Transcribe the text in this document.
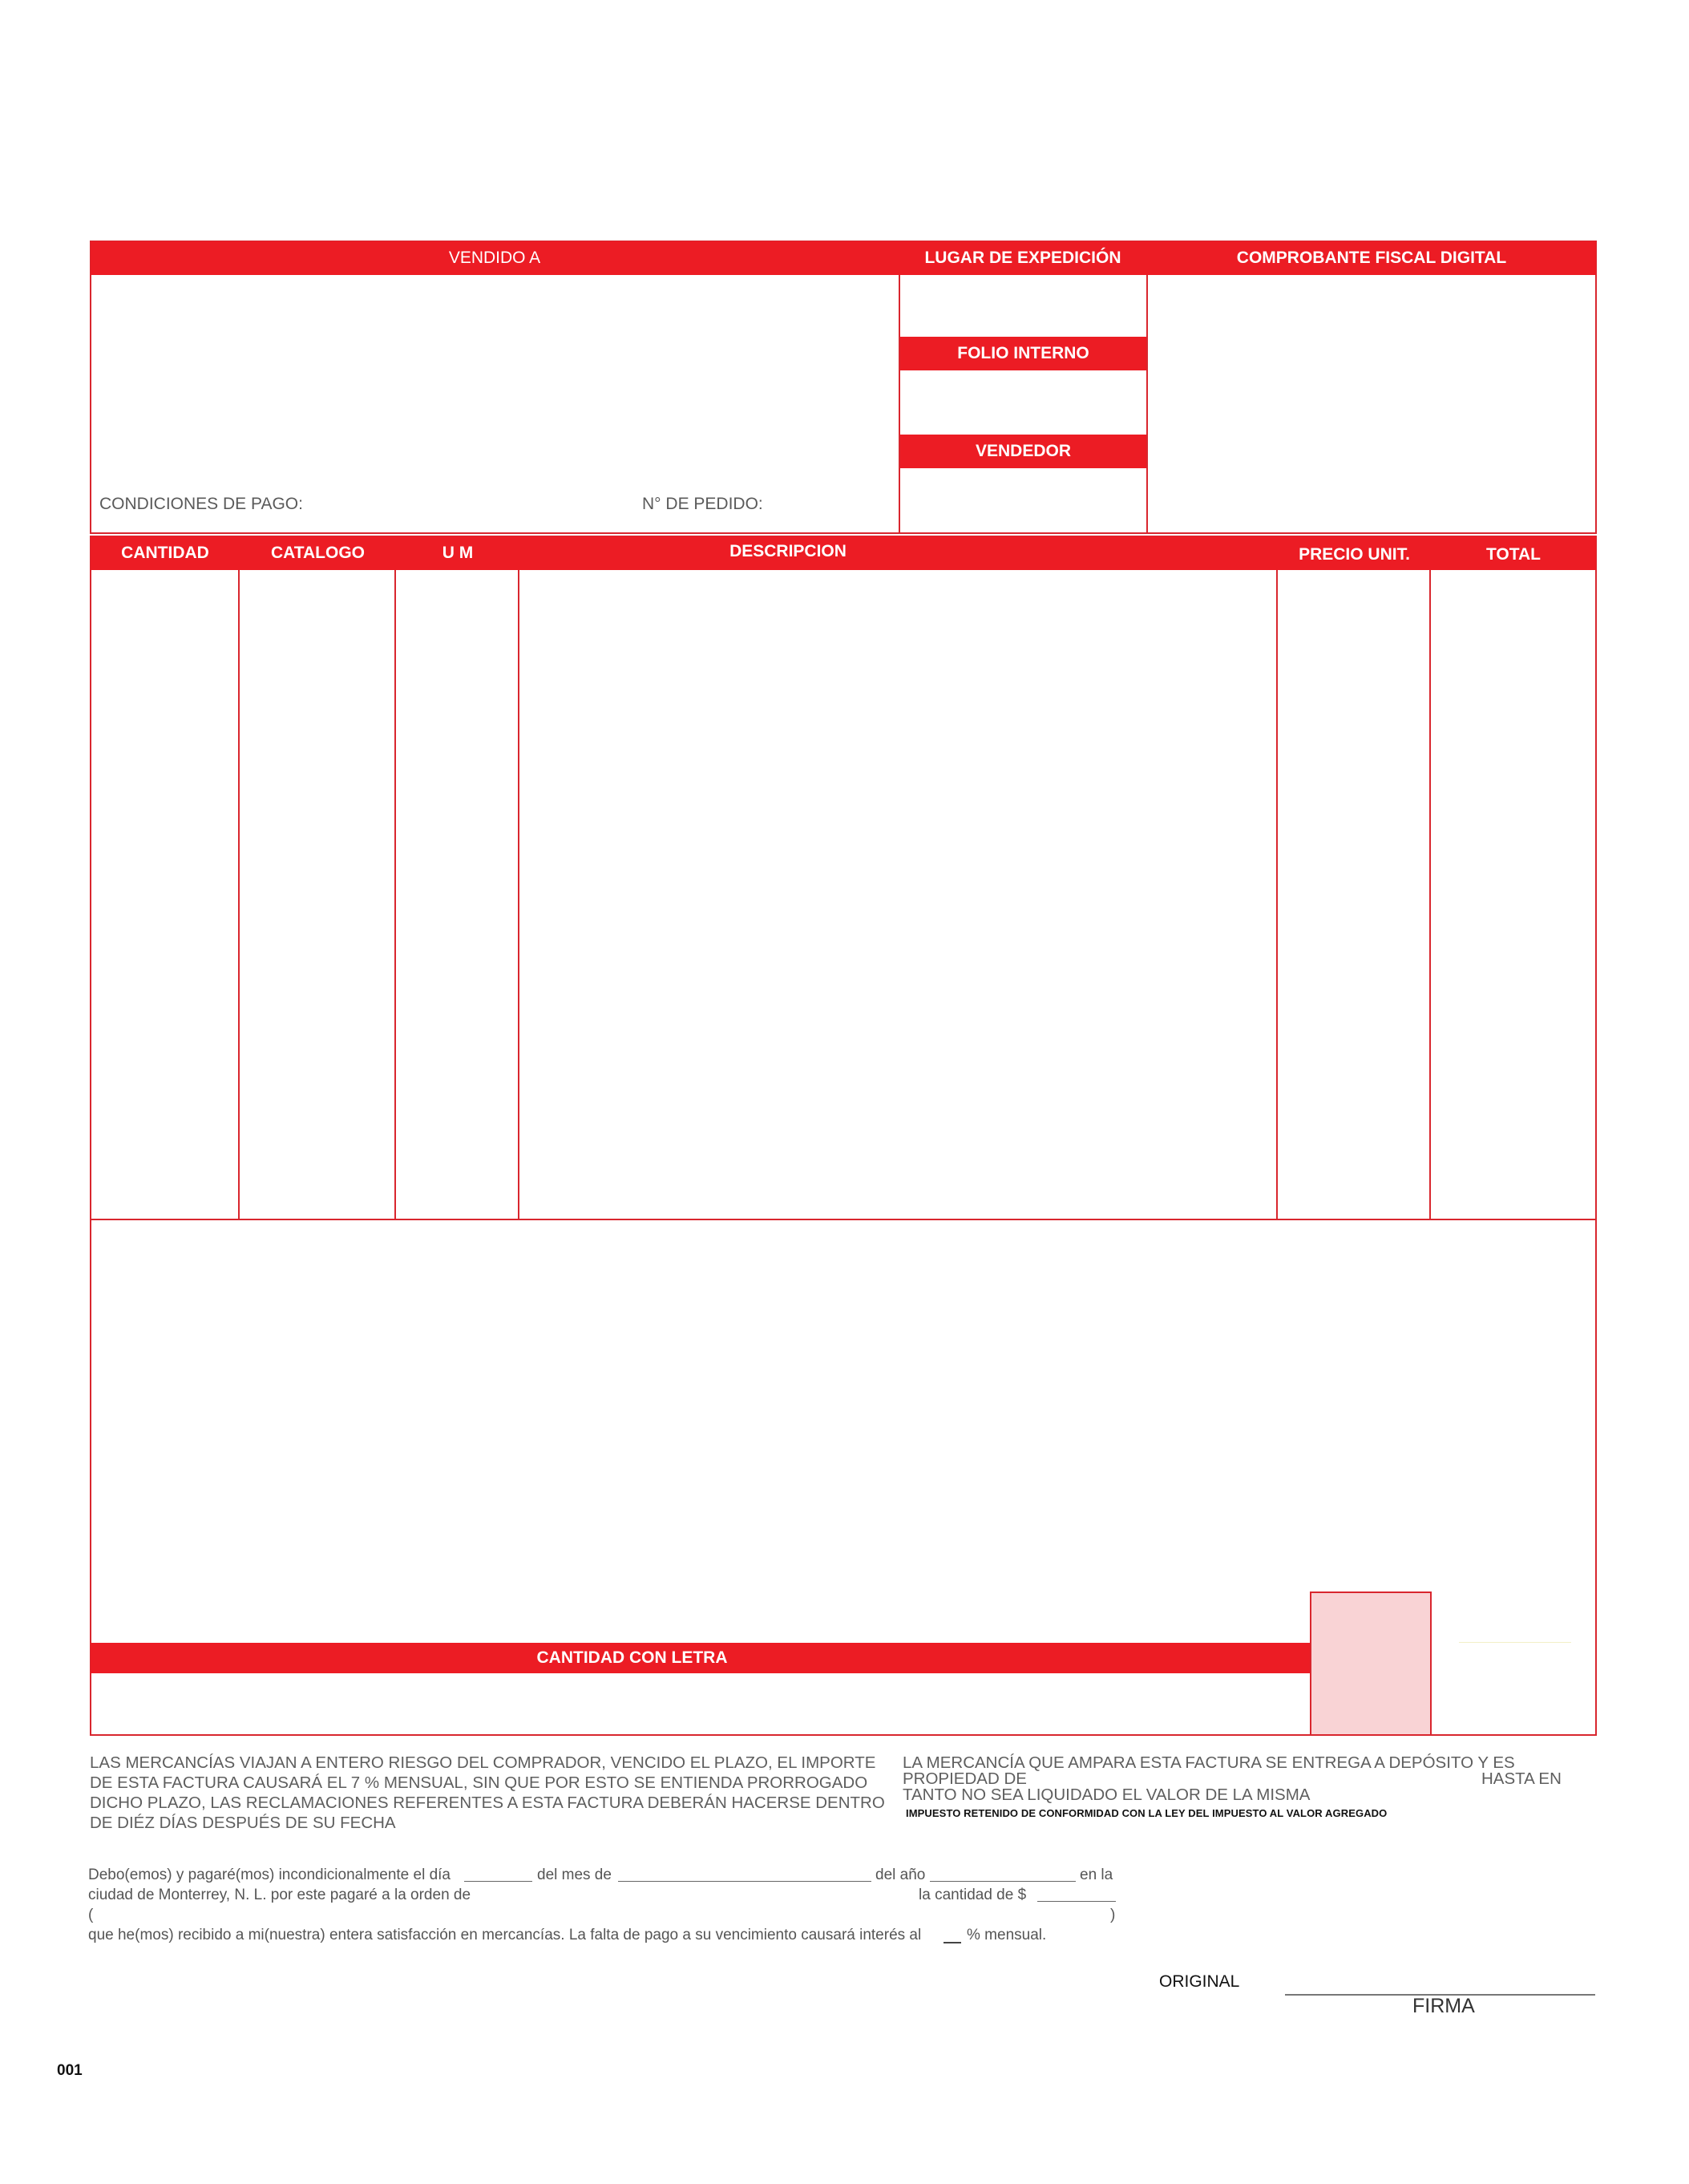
VENDIDO A	LUGAR DE EXPEDICIÓN	COMPROBANTE FISCAL DIGITAL
FOLIO INTERNO
VENDEDOR
CONDICIONES DE PAGO:	N° DE PEDIDO:
CANTIDAD	CATALOGO	U M	DESCRIPCION	PRECIO UNIT.	TOTAL
CANTIDAD CON LETRA
LAS MERCANCÍAS VIAJAN A ENTERO RIESGO DEL COMPRADOR, VENCIDO EL PLAZO, EL IMPORTE
DE ESTA FACTURA CAUSARÁ EL 7 % MENSUAL, SIN QUE POR ESTO SE ENTIENDA PRORROGADO
DICHO PLAZO, LAS RECLAMACIONES REFERENTES A ESTA FACTURA DEBERÁN HACERSE DENTRO
DE DIÉZ DÍAS DESPUÉS DE SU FECHA
LA MERCANCÍA QUE AMPARA ESTA FACTURA SE ENTREGA A DEPÓSITO Y ES
PROPIEDAD DE	HASTA EN
TANTO NO SEA LIQUIDADO EL VALOR DE LA MISMA
IMPUESTO RETENIDO DE CONFORMIDAD CON LA LEY DEL IMPUESTO AL VALOR AGREGADO
Debo(emos) y pagaré(mos) incondicionalmente el día	del mes de	del año	en la
ciudad de Monterrey, N. L. por este pagaré a la orden de	la cantidad de $
(	)
que he(mos) recibido a mi(nuestra) entera satisfacción en mercancías. La falta de pago a su vencimiento causará interés al	% mensual.
ORIGINAL
FIRMA
001
